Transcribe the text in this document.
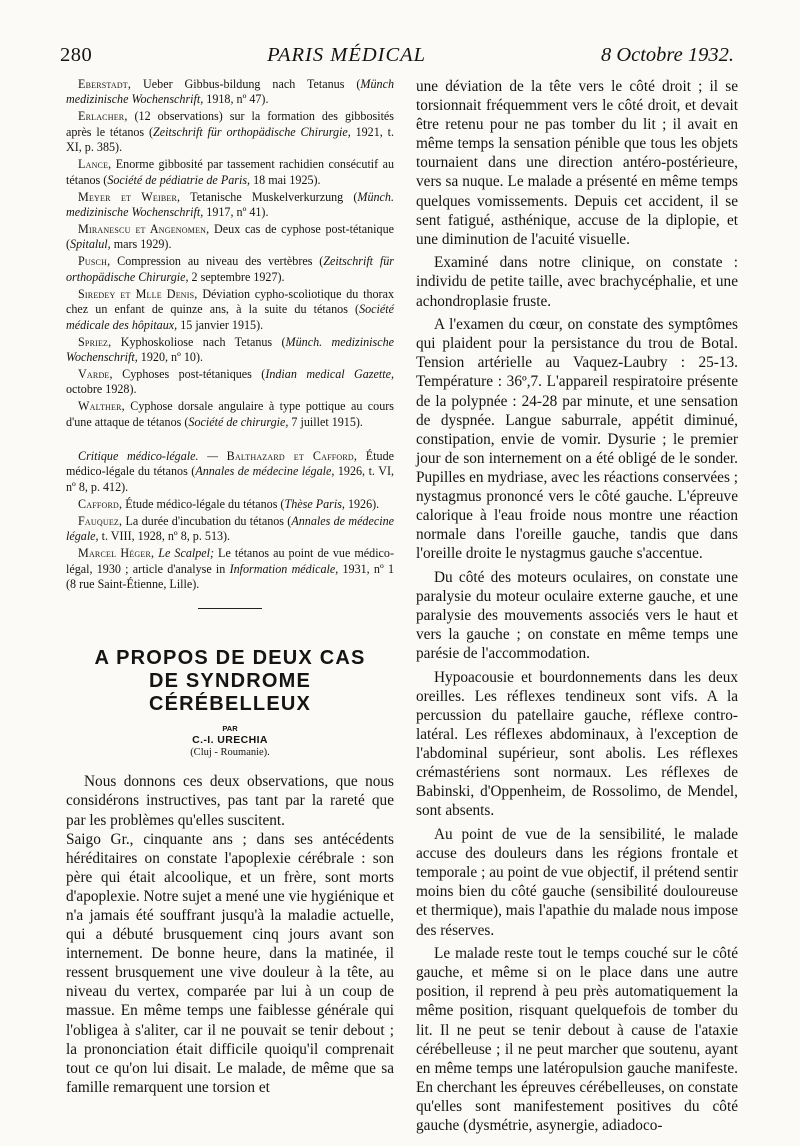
280	PARIS MÉDICAL	8 Octobre 1932.

Eberstadt, Ueber Gibbus-bildung nach Tetanus (Münch medizinische Wochenschrift, 1918, nº 47).

Erlacher, (12 observations) sur la formation des gibbosités après le tétanos (Zeitschrift für orthopädische Chirurgie, 1921, t. XI, p. 385).

Lance, Enorme gibbosité par tassement rachidien consécutif au tétanos (Société de pédiatrie de Paris, 18 mai 1925).

Meyer et Weiber, Tetanische Muskelverkurzung (Münch. medizinische Wochenschrift, 1917, nº 41).

Miranescu et Angenomen, Deux cas de cyphose post-tétanique (Spitalul, mars 1929).

Pusch, Compression au niveau des vertèbres (Zeitschrift für orthopädische Chirurgie, 2 septembre 1927).

Siredey et Mlle Denis, Déviation cypho-scoliotique du thorax chez un enfant de quinze ans, à la suite du tétanos (Société médicale des hôpitaux, 15 janvier 1915).

Spriez, Kyphoskoliose nach Tetanus (Münch. medizinische Wochenschrift, 1920, nº 10).

Varde, Cyphoses post-tétaniques (Indian medical Gazette, octobre 1928).

Walther, Cyphose dorsale angulaire à type pottique au cours d'une attaque de tétanos (Société de chirurgie, 7 juillet 1915).

Critique médico-légale. — Balthazard et Cafford, Étude médico-légale du tétanos (Annales de médecine légale, 1926, t. VI, nº 8, p. 412).

Cafford, Étude médico-légale du tétanos (Thèse Paris, 1926).

Fauquez, La durée d'incubation du tétanos (Annales de médecine légale, t. VIII, 1928, nº 8, p. 513).

Marcel Héger, Le Scalpel; Le tétanos au point de vue médico-légal, 1930 ; article d'analyse in Information médicale, 1931, nº 1 (8 rue Saint-Étienne, Lille).

A PROPOS DE DEUX CAS
DE SYNDROME
CÉRÉBELLEUX
PAR
C.-I. URECHIA
(Cluj - Roumanie).

Nous donnons ces deux observations, que nous considérons instructives, pas tant par la rareté que par les problèmes qu'elles suscitent.

Saigo Gr., cinquante ans ; dans ses antécédents héréditaires on constate l'apoplexie cérébrale : son père qui était alcoolique, et un frère, sont morts d'apoplexie. Notre sujet a mené une vie hygiénique et n'a jamais été souffrant jusqu'à la maladie actuelle, qui a débuté brusquement cinq jours avant son internement. De bonne heure, dans la matinée, il ressent brusquement une vive douleur à la tête, au niveau du vertex, comparée par lui à un coup de massue. En même temps une faiblesse générale qui l'obligea à s'aliter, car il ne pouvait se tenir debout ; la prononciation était difficile quoiqu'il comprenait tout ce qu'on lui disait. Le malade, de même que sa famille remarquent une torsion et

une déviation de la tête vers le côté droit ; il se torsionnait fréquemment vers le côté droit, et devait être retenu pour ne pas tomber du lit ; il avait en même temps la sensation pénible que tous les objets tournaient dans une direction antéro-postérieure, vers sa nuque. Le malade a présenté en même temps quelques vomissements. Depuis cet accident, il se sent fatigué, asthénique, accuse de la diplopie, et une diminution de l'acuité visuelle.

Examiné dans notre clinique, on constate : individu de petite taille, avec brachycéphalie, et une achondroplasie fruste.

A l'examen du cœur, on constate des symptômes qui plaident pour la persistance du trou de Botal. Tension artérielle au Vaquez-Laubry : 25-13. Température : 36º,7. L'appareil respiratoire présente de la polypnée : 24-28 par minute, et une sensation de dyspnée. Langue saburrale, appétit diminué, constipation, envie de vomir. Dysurie ; le premier jour de son internement on a été obligé de le sonder. Pupilles en mydriase, avec les réactions conservées ; nystagmus prononcé vers le côté gauche. L'épreuve calorique à l'eau froide nous montre une réaction normale dans l'oreille gauche, tandis que dans l'oreille droite le nystagmus gauche s'accentue.

Du côté des moteurs oculaires, on constate une paralysie du moteur oculaire externe gauche, et une paralysie des mouvements associés vers le haut et vers la gauche ; on constate en même temps une parésie de l'accommodation.

Hypoacousie et bourdonnements dans les deux oreilles. Les réflexes tendineux sont vifs. A la percussion du patellaire gauche, réflexe contro-latéral. Les réflexes abdominaux, à l'exception de l'abdominal supérieur, sont abolis. Les réflexes crémastériens sont normaux. Les réflexes de Babinski, d'Oppenheim, de Rossolimo, de Mendel, sont absents.

Au point de vue de la sensibilité, le malade accuse des douleurs dans les régions frontale et temporale ; au point de vue objectif, il prétend sentir moins bien du côté gauche (sensibilité douloureuse et thermique), mais l'apathie du malade nous impose des réserves.

Le malade reste tout le temps couché sur le côté gauche, et même si on le place dans une autre position, il reprend à peu près automatiquement la même position, risquant quelquefois de tomber du lit. Il ne peut se tenir debout à cause de l'ataxie cérébelleuse ; il ne peut marcher que soutenu, ayant en même temps une latéropulsion gauche manifeste. En cherchant les épreuves cérébelleuses, on constate qu'elles sont manifestement positives du côté gauche (dysmétrie, asynergie, adiadoco-
